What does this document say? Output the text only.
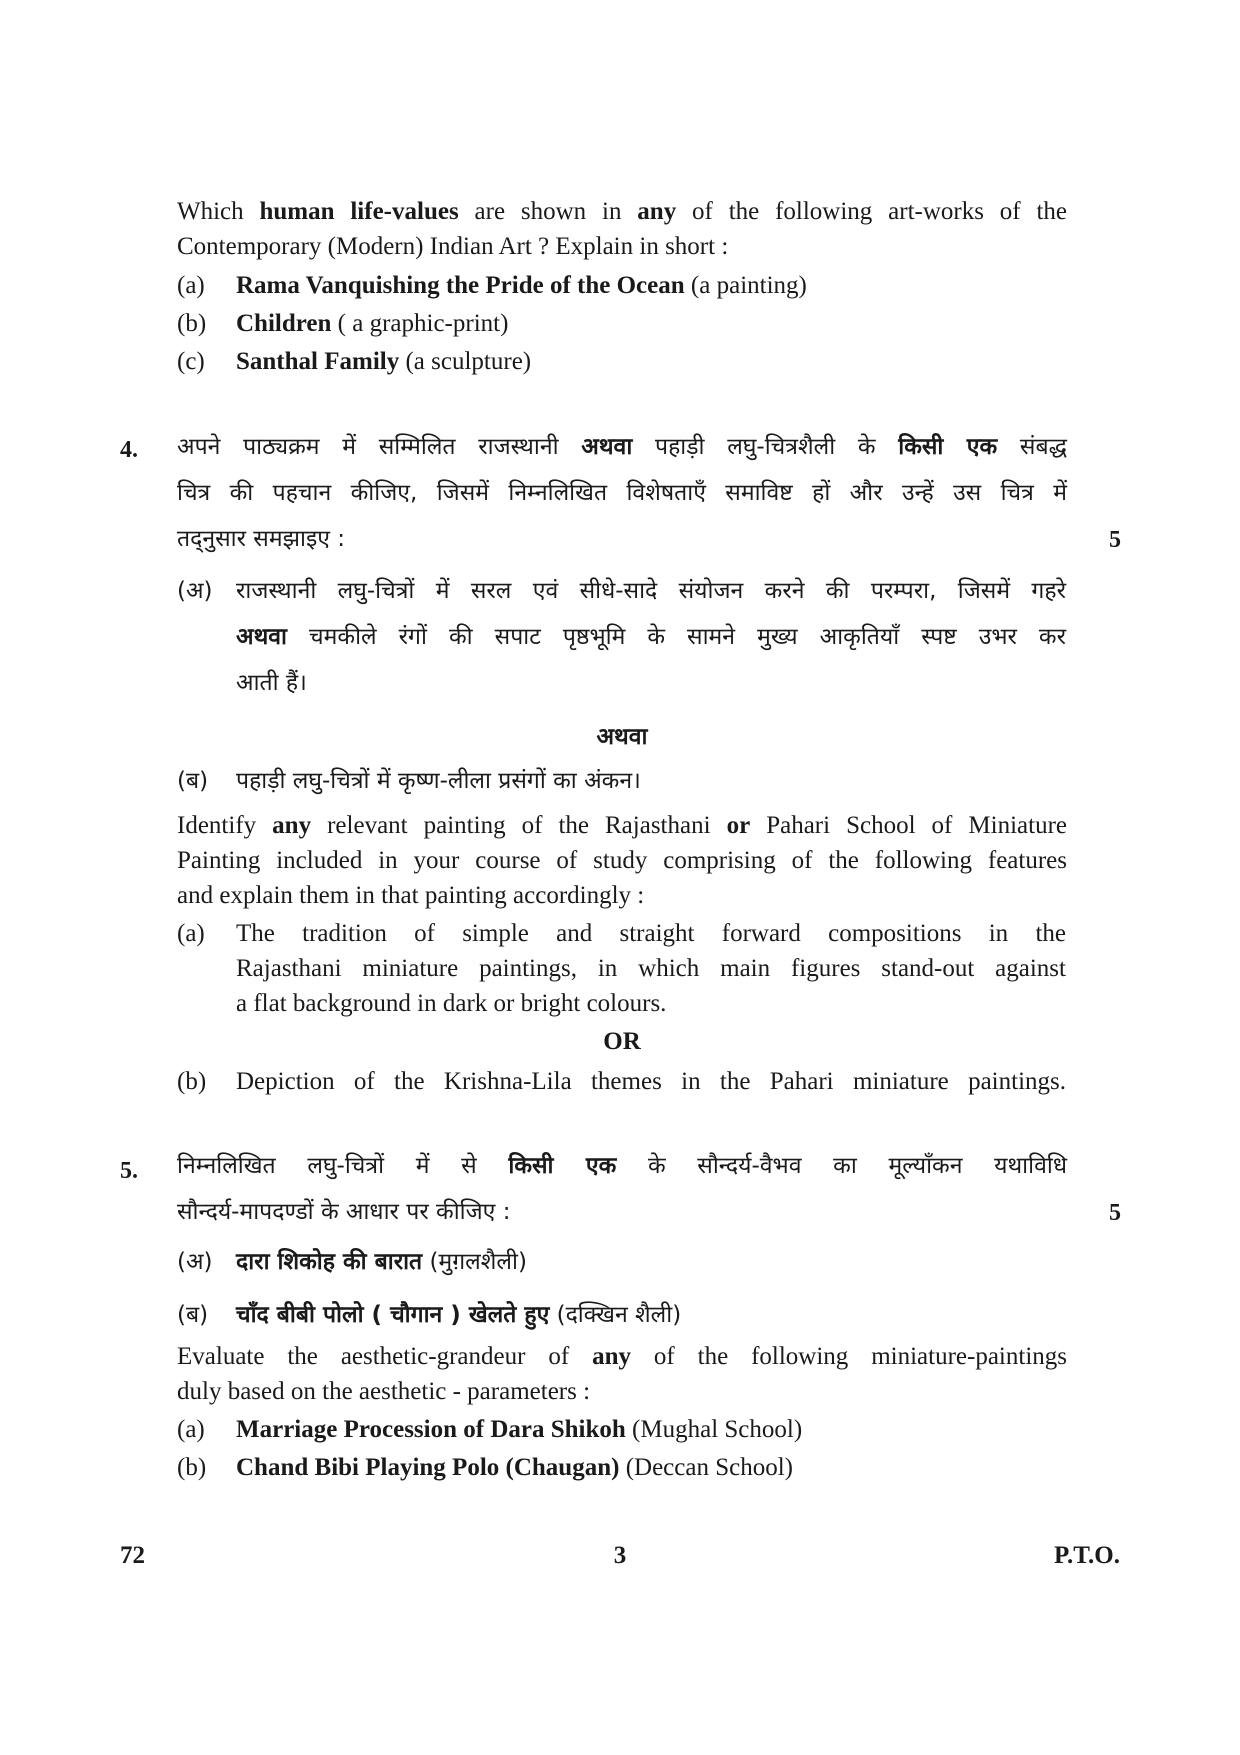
Which human life-values are shown in any of the following art-works of the
Contemporary (Modern) Indian Art ? Explain in short :
(a) Rama Vanquishing the Pride of the Ocean (a painting)
(b) Children ( a graphic-print)
(c) Santhal Family (a sculpture)
4. अपने पाठ्यक्रम में सम्मिलित राजस्थानी अथवा पहाड़ी लघु-चित्रशैली के किसी एक संबद्ध
चित्र की पहचान कीजिए, जिसमें निम्नलिखित विशेषताएँ समाविष्ट हों और उन्हें उस चित्र में
तद्नुसार समझाइए :	5
(अ) राजस्थानी लघु-चित्रों में सरल एवं सीधे-सादे संयोजन करने की परम्परा, जिसमें गहरे
अथवा चमकीले रंगों की सपाट पृष्ठभूमि के सामने मुख्य आकृतियाँ स्पष्ट उभर कर
आती हैं।
अथवा
(ब) पहाड़ी लघु-चित्रों में कृष्ण-लीला प्रसंगों का अंकन।
Identify any relevant painting of the Rajasthani or Pahari School of Miniature
Painting included in your course of study comprising of the following features
and explain them in that painting accordingly :
(a) The tradition of simple and straight forward compositions in the
Rajasthani miniature paintings, in which main figures stand-out against
a flat background in dark or bright colours.
OR
(b) Depiction of the Krishna-Lila themes in the Pahari miniature paintings.
5. निम्नलिखित लघु-चित्रों में से किसी एक के सौन्दर्य-वैभव का मूल्याँकन यथाविधि
सौन्दर्य-मापदण्डों के आधार पर कीजिए :	5
(अ) दारा शिकोह की बारात (मुग़लशैली)
(ब) चाँद बीबी पोलो ( चौगान ) खेलते हुए (दक्खिन शैली)
Evaluate the aesthetic-grandeur of any of the following miniature-paintings
duly based on the aesthetic - parameters :
(a) Marriage Procession of Dara Shikoh (Mughal School)
(b) Chand Bibi Playing Polo (Chaugan) (Deccan School)
72	3	P.T.O.
